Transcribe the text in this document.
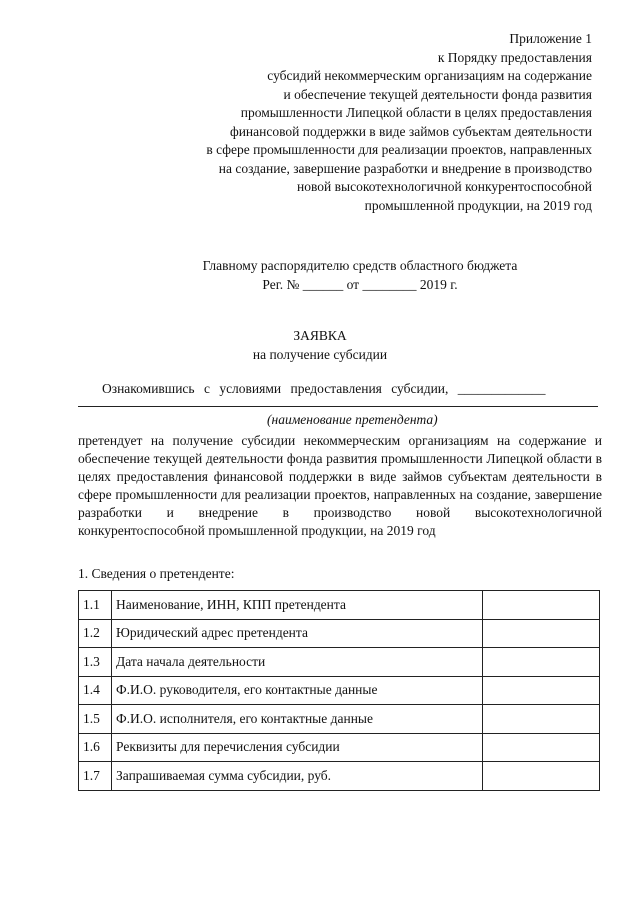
Приложение 1
к Порядку предоставления
субсидий некоммерческим организациям на содержание
и обеспечение текущей деятельности фонда развития
промышленности Липецкой области в целях предоставления
финансовой поддержки в виде займов субъектам деятельности
в сфере промышленности для реализации проектов, направленных
на создание, завершение разработки и внедрение в производство
новой высокотехнологичной конкурентоспособной
промышленной продукции, на 2019 год
Главному распорядителю средств областного бюджета
Рег. № ______ от ________ 2019 г.
ЗАЯВКА
на получение субсидии
Ознакомившись с условиями предоставления субсидии, _____________
(наименование претендента)
претендует на получение субсидии некоммерческим организациям на содержание и обеспечение текущей деятельности фонда развития промышленности Липецкой области в целях предоставления финансовой поддержки в виде займов субъектам деятельности в сфере промышленности для реализации проектов, направленных на создание, завершение разработки и внедрение в производство новой высокотехнологичной конкурентоспособной промышленной продукции, на 2019 год
1. Сведения о претенденте:
1.1	Наименование, ИНН, КПП претендента	
1.2	Юридический адрес претендента	
1.3	Дата начала деятельности	
1.4	Ф.И.О. руководителя, его контактные данные	
1.5	Ф.И.О. исполнителя, его контактные данные	
1.6	Реквизиты для перечисления субсидии	
1.7	Запрашиваемая сумма субсидии, руб.	
